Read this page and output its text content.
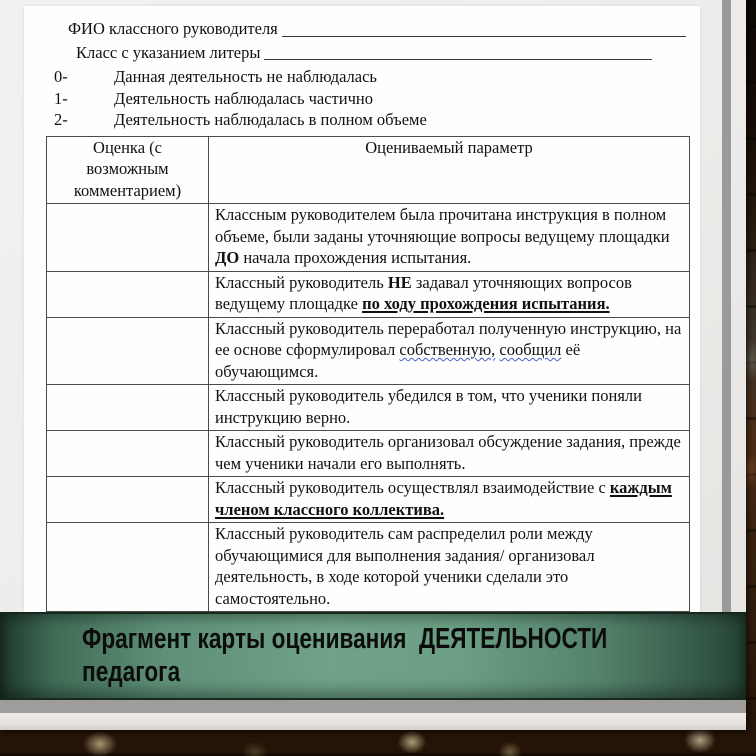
ФИО классного руководителя
Класс с указанием литеры
0-	Данная деятельность не наблюдалась
1-	Деятельность наблюдалась частично
2-	Деятельность наблюдалась в полном объеме
Оценка (с возможным комментарием)	Оцениваемый параметр
	Классным руководителем была прочитана инструкция в полном объеме, были заданы уточняющие вопросы ведущему площадки ДО начала прохождения испытания.
	Классный руководитель НЕ задавал уточняющих вопросов ведущему площадке по ходу прохождения испытания.
	Классный руководитель переработал полученную инструкцию, на ее основе сформулировал собственную, сообщил её обучающимся.
	Классный руководитель убедился в том, что ученики поняли инструкцию верно.
	Классный руководитель организовал обсуждение задания, прежде чем ученики начали его выполнять.
	Классный руководитель осуществлял взаимодействие с каждым членом классного коллектива.
	Классный руководитель сам распределил роли между обучающимися для выполнения задания/ организовал деятельность, в ходе которой ученики сделали это самостоятельно.
Фрагмент карты оценивания  ДЕЯТЕЛЬНОСТИ педагога
